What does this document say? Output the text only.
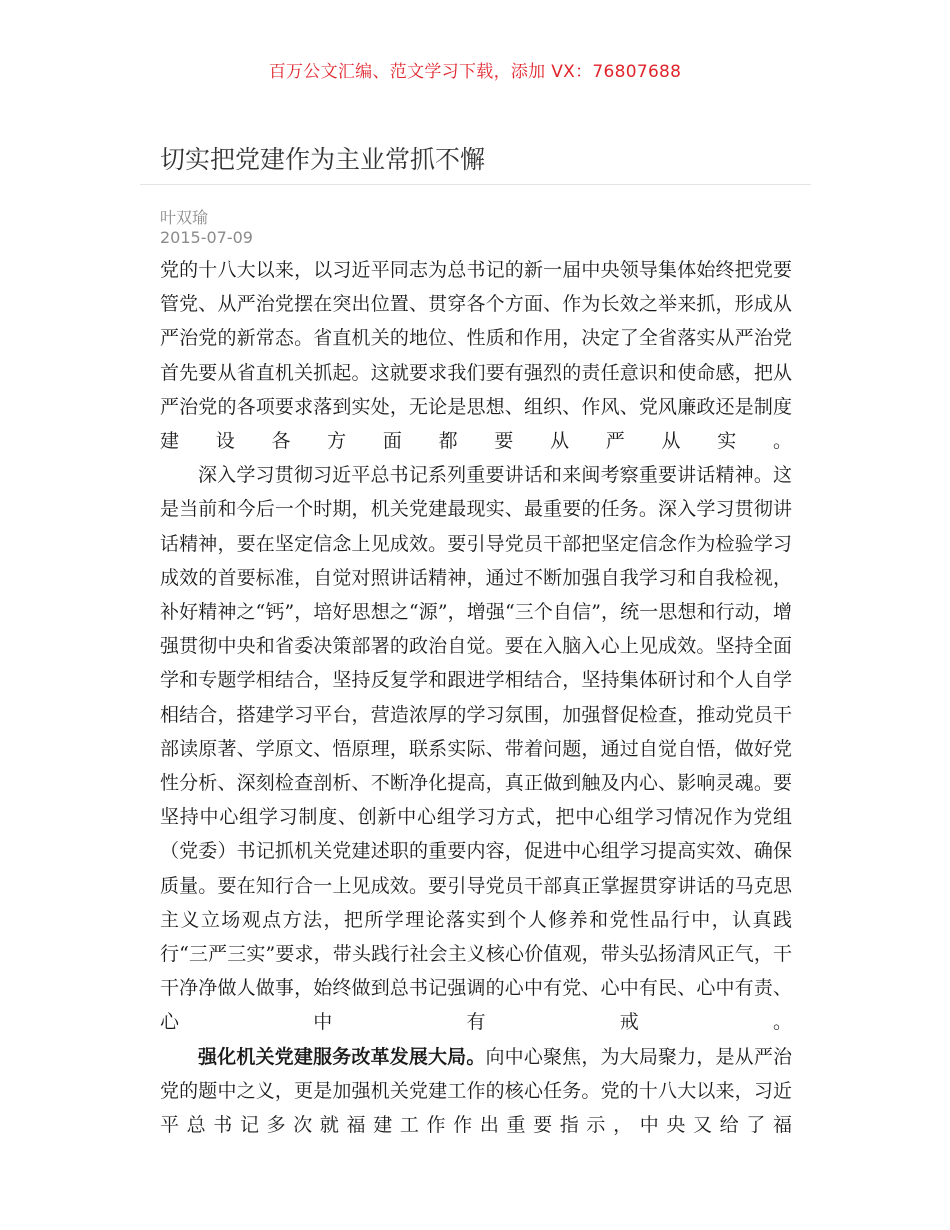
百万公文汇编、范文学习下载，添加 VX：76807688
切实把党建作为主业常抓不懈
叶双瑜
2015-07-09

党的十八大以来，以习近平同志为总书记的新一届中央领导集体始终把党要管党、从严治党摆在突出位置、贯穿各个方面、作为长效之举来抓，形成从严治党的新常态。省直机关的地位、性质和作用，决定了全省落实从严治党首先要从省直机关抓起。这就要求我们要有强烈的责任意识和使命感，把从严治党的各项要求落到实处，无论是思想、组织、作风、党风廉政还是制度建设各方面都要从严从实。

深入学习贯彻习近平总书记系列重要讲话和来闽考察重要讲话精神。这是当前和今后一个时期，机关党建最现实、最重要的任务。深入学习贯彻讲话精神，要在坚定信念上见成效。要引导党员干部把坚定信念作为检验学习成效的首要标准，自觉对照讲话精神，通过不断加强自我学习和自我检视，补好精神之“钙”，培好思想之“源”，增强“三个自信”，统一思想和行动，增强贯彻中央和省委决策部署的政治自觉。要在入脑入心上见成效。坚持全面学和专题学相结合，坚持反复学和跟进学相结合，坚持集体研讨和个人自学相结合，搭建学习平台，营造浓厚的学习氛围，加强督促检查，推动党员干部读原著、学原文、悟原理，联系实际、带着问题，通过自觉自悟，做好党性分析、深刻检查剖析、不断净化提高，真正做到触及内心、影响灵魂。要坚持中心组学习制度、创新中心组学习方式，把中心组学习情况作为党组（党委）书记抓机关党建述职的重要内容，促进中心组学习提高实效、确保质量。要在知行合一上见成效。要引导党员干部真正掌握贯穿讲话的马克思主义立场观点方法，把所学理论落实到个人修养和党性品行中，认真践行“三严三实”要求，带头践行社会主义核心价值观，带头弘扬清风正气，干干净净做人做事，始终做到总书记强调的心中有党、心中有民、心中有责、心中有戒。

强化机关党建服务改革发展大局。向中心聚焦，为大局聚力，是从严治党的题中之义，更是加强机关党建工作的核心任务。党的十八大以来，习近平总书记多次就福建工作作出重要指示，中央又给了福
